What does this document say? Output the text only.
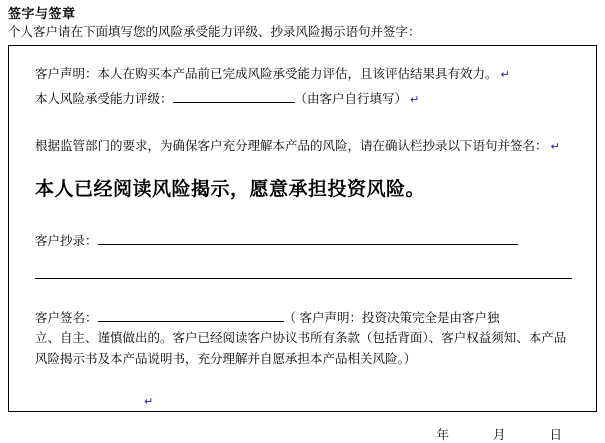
签字与签章
个人客户请在下面填写您的风险承受能力评级、抄录风险揭示语句并签字：

客户声明：本人在购买本产品前已完成风险承受能力评估，且该评估结果具有效力。 ↵

本人风险承受能力评级：	（由客户自行填写） ↵

根据监管部门的要求，为确保客户充分理解本产品的风险，请在确认栏抄录以下语句并签名： ↵

本人已经阅读风险揭示，愿意承担投资风险。

客户抄录：

客户签名：	（ 客户声明：投资决策完全是由客户独

立、自主、谨慎做出的。客户已经阅读客户协议书所有条款（包括背面）、客户权益须知、本产品风险揭示书及本产品说明书，充分理解并自愿承担本产品相关风险。）

↵
年	月	日
